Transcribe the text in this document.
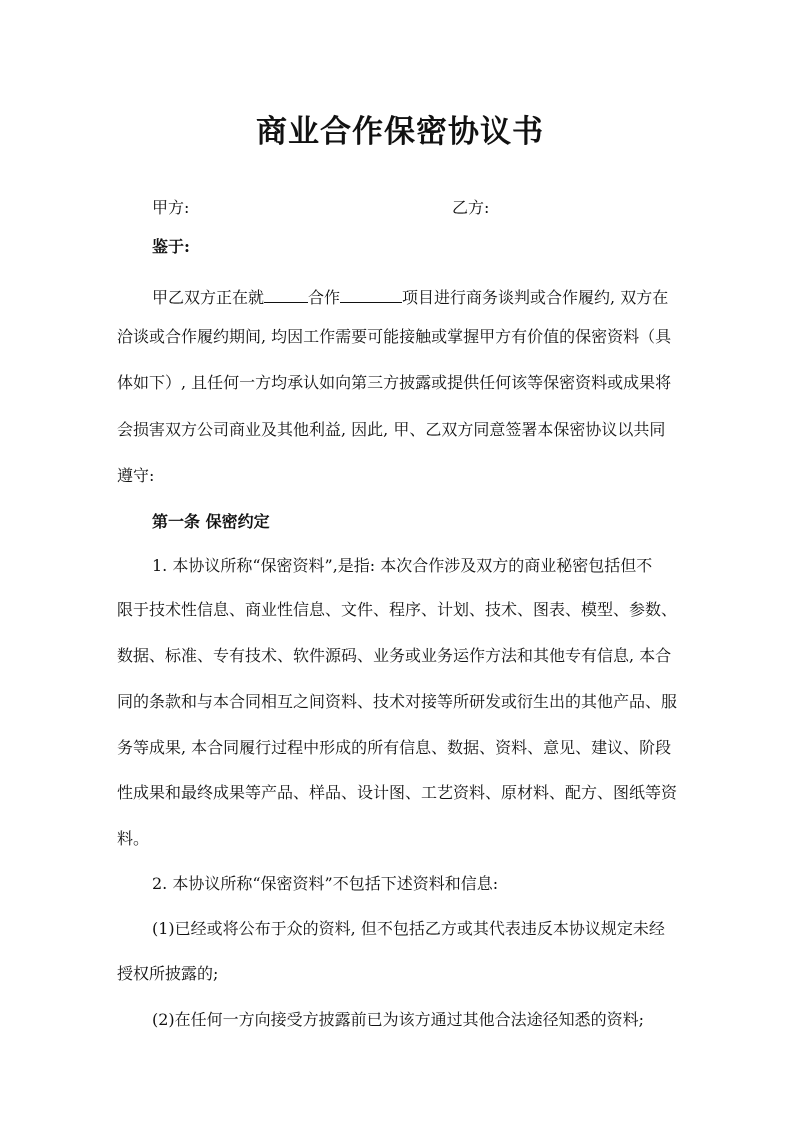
商业合作保密协议书
甲方:	乙方:
鉴于:
甲乙双方正在就	合作	项目进行商务谈判或合作履约, 双方在
洽谈或合作履约期间, 均因工作需要可能接触或掌握甲方有价值的保密资料（具
体如下）, 且任何一方均承认如向第三方披露或提供任何该等保密资料或成果将
会损害双方公司商业及其他利益, 因此, 甲、乙双方同意签署本保密协议以共同
遵守:
第一条 保密约定
1. 本协议所称“保密资料”,是指: 本次合作涉及双方的商业秘密包括但不
限于技术性信息、商业性信息、文件、程序、计划、技术、图表、模型、参数、
数据、标准、专有技术、软件源码、业务或业务运作方法和其他专有信息, 本合
同的条款和与本合同相互之间资料、技术对接等所研发或衍生出的其他产品、服
务等成果, 本合同履行过程中形成的所有信息、数据、资料、意见、建议、阶段
性成果和最终成果等产品、样品、设计图、工艺资料、原材料、配方、图纸等资
料。
2. 本协议所称“保密资料”不包括下述资料和信息:
(1)已经或将公布于众的资料, 但不包括乙方或其代表违反本协议规定未经
授权所披露的;
(2)在任何一方向接受方披露前已为该方通过其他合法途径知悉的资料;
